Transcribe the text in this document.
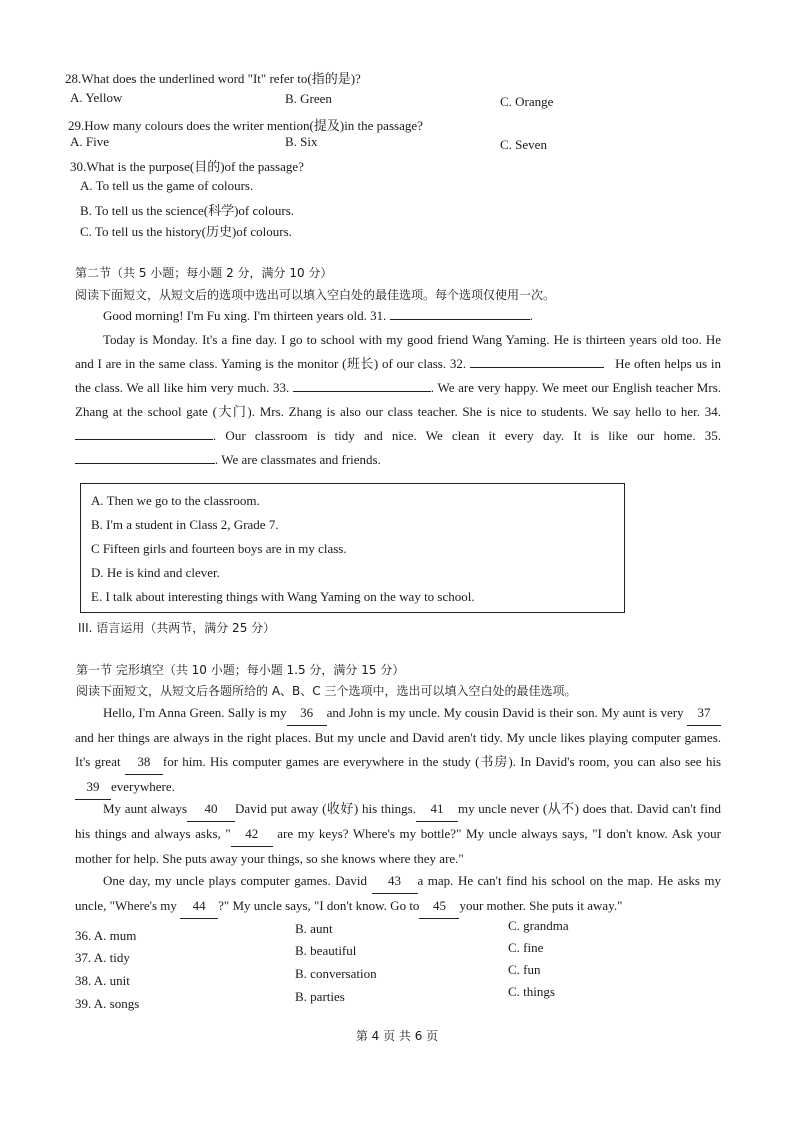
28.What does the underlined word "It" refer to(指的是)?
A. Yellow	B. Green	C. Orange
29.How many colours does the writer mention(提及)in the passage?
A. Five	B. Six	C. Seven
30.What is the purpose(目的)of the passage?
A. To tell us the game of colours.
B. To tell us the science(科学)of colours.
C. To tell us the history(历史)of colours.
第二节（共 5 小题；每小题 2 分，满分 10 分）
阅读下面短文，从短文后的选项中选出可以填入空白处的最佳选项。每个选项仅使用一次。
Good morning! I'm Fu xing. I'm thirteen years old. 31.	.
Today is Monday. It's a fine day. I go to school with my good friend Wang Yaming. He is thirteen years old too. He and I are in the same class. Yaming is the monitor (班长) of our class. 32.	He often helps us in the class. We all like him very much. 33.	. We are very happy. We meet our English teacher Mrs. Zhang at the school gate (大门). Mrs. Zhang is also our class teacher. She is nice to students. We say hello to her. 34. . Our classroom is tidy and nice. We clean it every day. It is like our home. 35. . We are classmates and friends.
A. Then we go to the classroom.
B. I'm a student in Class 2, Grade 7.
C Fifteen girls and fourteen boys are in my class.
D. He is kind and clever.
E. I talk about interesting things with Wang Yaming on the way to school.
III. 语言运用（共两节，满分 25 分）
第一节 完形填空（共 10 小题；每小题 1.5 分，满分 15 分）
阅读下面短文，从短文后各题所给的 A、B、C 三个选项中，选出可以填入空白处的最佳选项。
Hello, I'm Anna Green. Sally is my 36 and John is my uncle. My cousin David is their son. My aunt is very 37and her things are always in the right places. But my uncle and David aren't tidy. My uncle likes playing computer games. It's great 38 for him. His computer games are everywhere in the study (书房). In David's room, you can also see his 39 everywhere.
My aunt always 40 David put away (收好) his things. 41 my uncle never (从不) does that. David can't find his things and always asks, " 42 are my keys? Where's my bottle?" My uncle always says, "I don't know. Ask your mother for help. She puts away your things, so she knows where they are."
One day, my uncle plays computer games. David 43 a map. He can't find his school on the map. He asks my uncle, "Where's my 44 ?" My uncle says, "I don't know. Go to 45 your mother. She puts it away."
36. A. mum	B. aunt	C. grandma
37. A. tidy	B. beautiful	C. fine
38. A. unit	B. conversation	C. fun
39. A. songs	B. parties	C. things
第 4 页 共 6 页
